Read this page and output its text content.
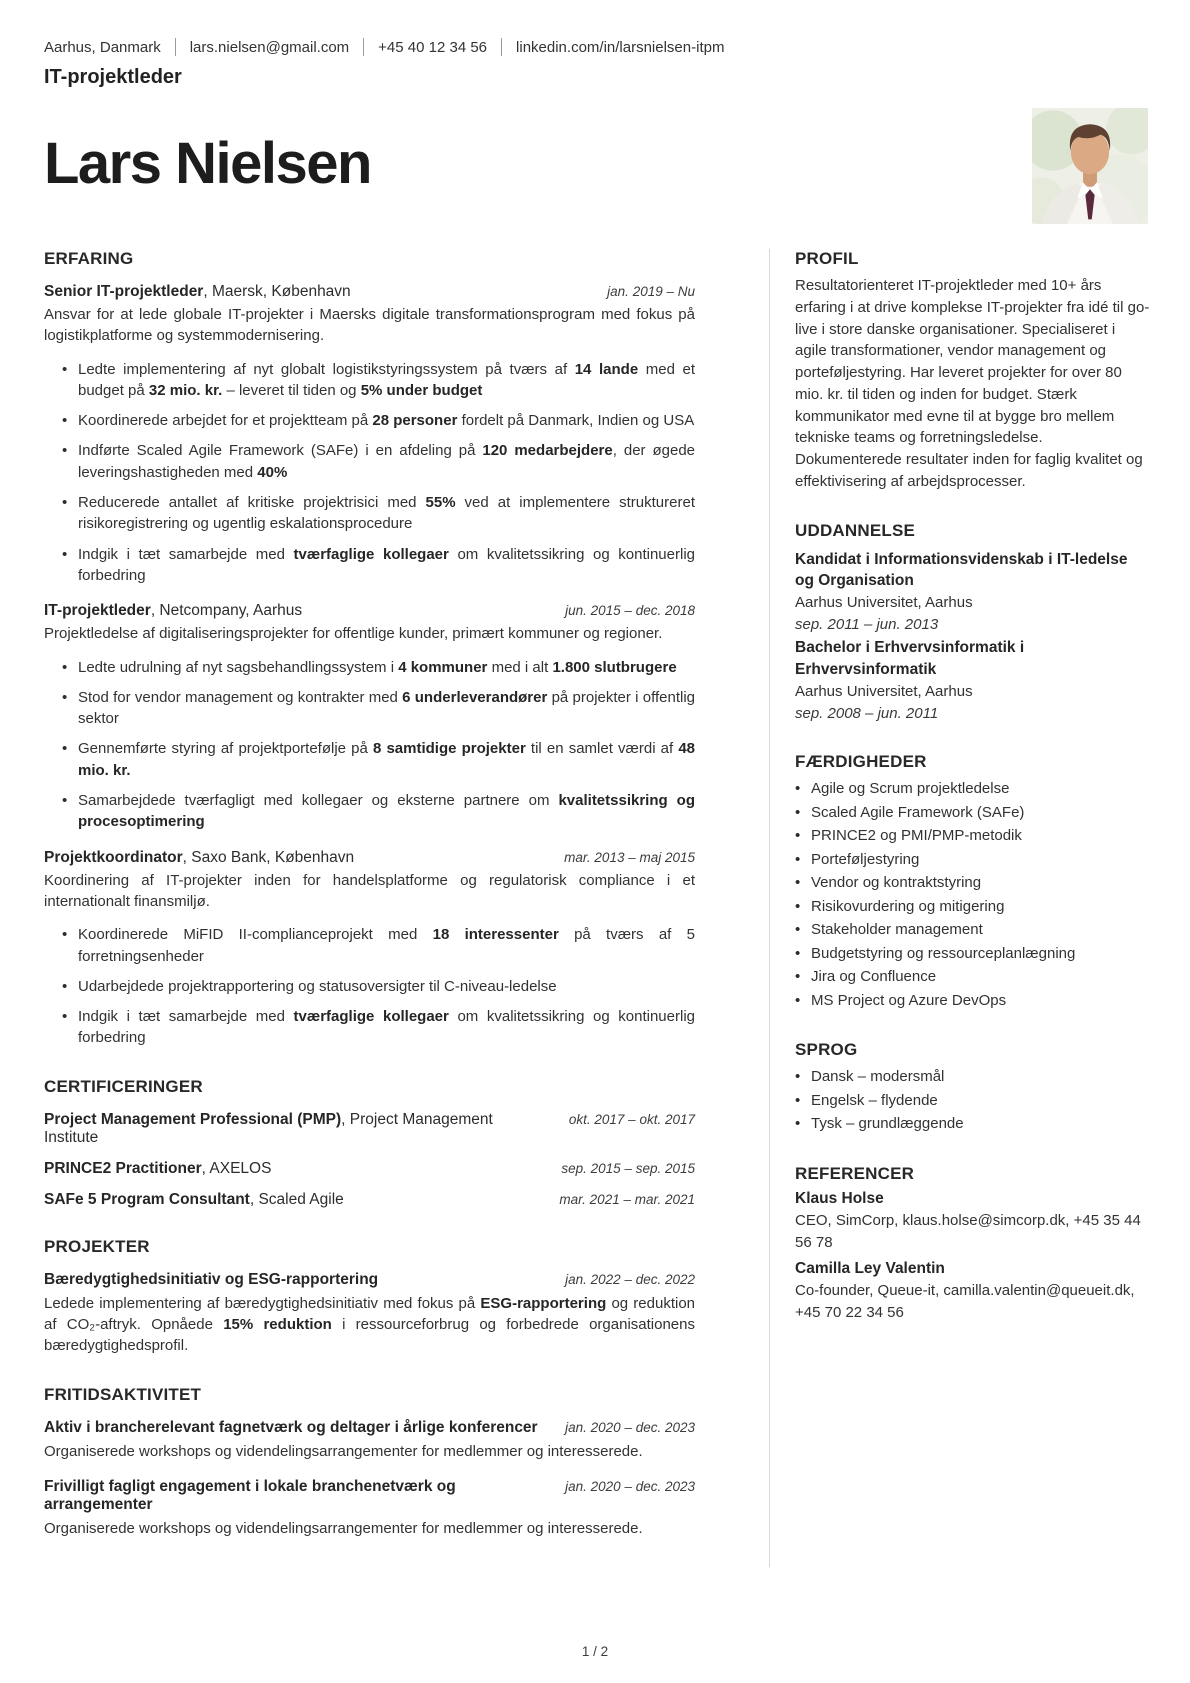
Aarhus, Danmark lars.nielsen@gmail.com +45 40 12 34 56 linkedin.com/in/larsnielsen-itpm
IT-projektleder
Lars Nielsen
ERFARING
Senior IT-projektleder, Maersk, København	jan. 2019 – Nu

Ansvar for at lede globale IT-projekter i Maersks digitale transformationsprogram med fokus på logistikplatforme og systemmodernisering.

• Ledte implementering af nyt globalt logistikstyringssystem på tværs af 14 lande med et budget på 32 mio. kr. – leveret til tiden og 5% under budget
• Koordinerede arbejdet for et projektteam på 28 personer fordelt på Danmark, Indien og USA
• Indførte Scaled Agile Framework (SAFe) i en afdeling på 120 medarbejdere, der øgede leveringshastigheden med 40%
• Reducerede antallet af kritiske projektrisici med 55% ved at implementere struktureret risikoregistrering og ugentlig eskalationsprocedure
• Indgik i tæt samarbejde med tværfaglige kollegaer om kvalitetssikring og kontinuerlig forbedring
IT-projektleder, Netcompany, Aarhus	jun. 2015 – dec. 2018

Projektledelse af digitaliseringsprojekter for offentlige kunder, primært kommuner og regioner.

• Ledte udrulning af nyt sagsbehandlingssystem i 4 kommuner med i alt 1.800 slutbrugere
• Stod for vendor management og kontrakter med 6 underleverandører på projekter i offentlig sektor
• Gennemførte styring af projektportefølje på 8 samtidige projekter til en samlet værdi af 48 mio. kr.
• Samarbejdede tværfagligt med kollegaer og eksterne partnere om kvalitetssikring og procesoptimering
Projektkoordinator, Saxo Bank, København	mar. 2013 – maj 2015

Koordinering af IT-projekter inden for handelsplatforme og regulatorisk compliance i et internationalt finansmiljø.

• Koordinerede MiFID II-complianceprojekt med 18 interessenter på tværs af 5 forretningsenheder
• Udarbejdede projektrapportering og statusoversigter til C-niveau-ledelse
• Indgik i tæt samarbejde med tværfaglige kollegaer om kvalitetssikring og kontinuerlig forbedring
CERTIFICERINGER
Project Management Professional (PMP), Project Management Institute
okt. 2017 – okt. 2017
PRINCE2 Practitioner, AXELOS	sep. 2015 – sep. 2015
SAFe 5 Program Consultant, Scaled Agile	mar. 2021 – mar. 2021
PROJEKTER
Bæredygtighedsinitiativ og ESG-rapportering	jan. 2022 – dec. 2022

Ledede implementering af bæredygtighedsinitiativ med fokus på ESG-rapportering og reduktion af CO₂-aftryk. Opnåede 15% reduktion i ressourceforbrug og forbedrede organisationens bæredygtighedsprofil.

FRITIDSAKTIVITET
Aktiv i brancherelevant fagnetværk og deltager i årlige konferencer jan. 2020 – dec. 2023

Organiserede workshops og videndelingsarrangementer for medlemmer og interesserede.

Frivilligt fagligt engagement i lokale branchenetværk og arrangementer
jan. 2020 – dec. 2023

Organiserede workshops og videndelingsarrangementer for medlemmer og interesserede.

PROFIL

Resultatorienteret IT-projektleder med 10+ års erfaring i at drive komplekse IT-projekter fra idé til go-live i store danske organisationer. Specialiseret i agile transformationer, vendor management og porteføljestyring. Har leveret projekter for over 80 mio. kr. til tiden og inden for budget. Stærk kommunikator med evne til at bygge bro mellem tekniske teams og forretningsledelse. Dokumenterede resultater inden for faglig kvalitet og effektivisering af arbejdsprocesser.

UDDANNELSE
Kandidat i Informationsvidenskab i IT-ledelse og Organisation
Aarhus Universitet, Aarhus
sep. 2011 – jun. 2013
Bachelor i Erhvervsinformatik i Erhvervsinformatik
Aarhus Universitet, Aarhus
sep. 2008 – jun. 2011
FÆRDIGHEDER
• Agile og Scrum projektledelse
• Scaled Agile Framework (SAFe)
• PRINCE2 og PMI/PMP-metodik
• Porteføljestyring
• Vendor og kontraktstyring
• Risikovurdering og mitigering
• Stakeholder management
• Budgetstyring og ressourceplanlægning
• Jira og Confluence
• MS Project og Azure DevOps
SPROG
• Dansk – modersmål
• Engelsk – flydende
• Tysk – grundlæggende
REFERENCER
Klaus Holse
CEO, SimCorp, klaus.holse@simcorp.dk, +45 35 44 56 78
Camilla Ley Valentin
Co-founder, Queue-it, camilla.valentin@queueit.dk, +45 70 22 34 56
1 / 2
